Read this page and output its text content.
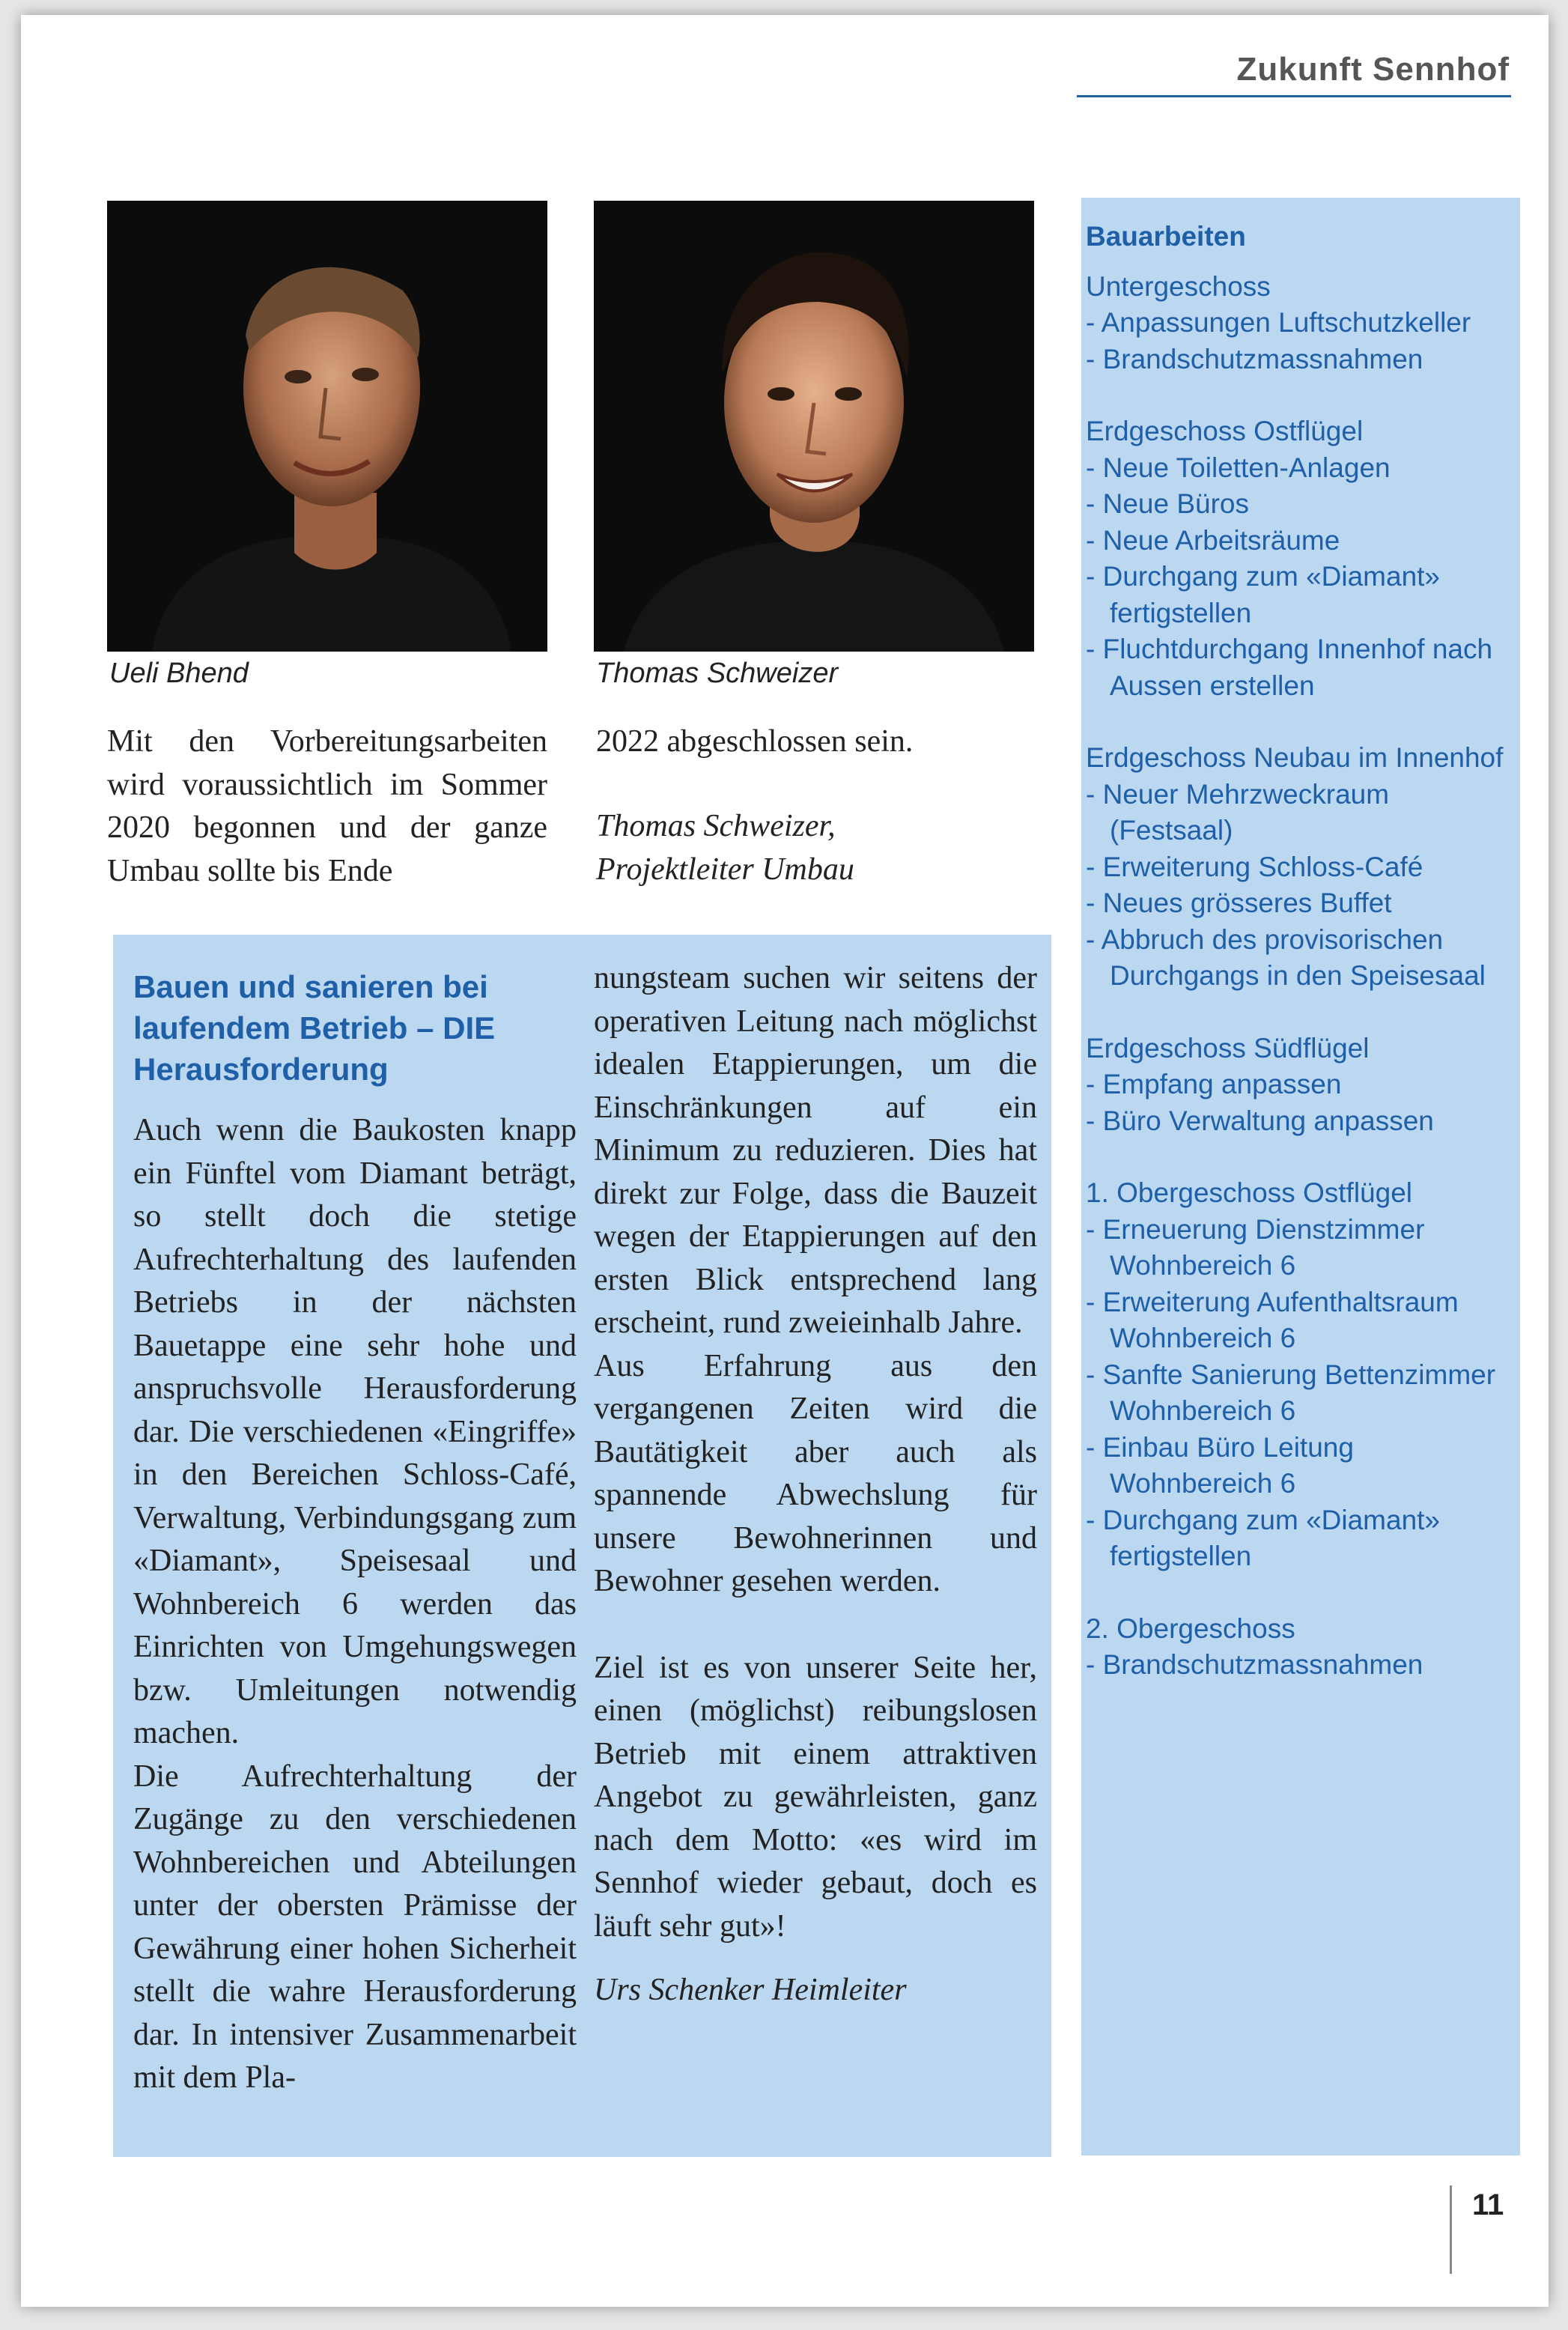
Zukunft Sennhof
Ueli Bhend	Thomas Schweizer

Mit den Vorbereitungsarbeiten wird voraussichtlich im Sommer 2020 begonnen und der ganze Umbau sollte bis Ende

2022 abgeschlossen sein.

Thomas Schweizer,
Projektleiter Umbau

Bauen und sanieren bei laufendem Betrieb – DIE Herausforderung

Auch wenn die Baukosten knapp ein Fünftel vom Diamant beträgt, so stellt doch die stetige Aufrechterhaltung des laufenden Betriebs in der nächsten Bauetappe eine sehr hohe und anspruchsvolle Herausforderung dar. Die verschiedenen «Eingriffe» in den Bereichen Schloss-Café, Verwaltung, Verbindungsgang zum «Diamant», Speisesaal und Wohnbereich 6 werden das Einrichten von Umgehungswegen bzw. Umleitungen notwendig machen.

Die Aufrechterhaltung der Zugänge zu den verschiedenen Wohnbereichen und Abteilungen unter der obersten Prämisse der Gewährung einer hohen Sicherheit stellt die wahre Herausforderung dar. In intensiver Zusammenarbeit mit dem Pla-

nungsteam suchen wir seitens der operativen Leitung nach möglichst idealen Etappierungen, um die Einschränkungen auf ein Minimum zu reduzieren. Dies hat direkt zur Folge, dass die Bauzeit wegen der Etappierungen auf den ersten Blick entsprechend lang erscheint, rund zweieinhalb Jahre.

Aus Erfahrung aus den vergangenen Zeiten wird die Bautätigkeit aber auch als spannende Abwechslung für unsere Bewohnerinnen und Bewohner gesehen werden.

Ziel ist es von unserer Seite her, einen (möglichst) reibungslosen Betrieb mit einem attraktiven Angebot zu gewährleisten, ganz nach dem Motto: «es wird im Sennhof wieder gebaut, doch es läuft sehr gut»!

Urs Schenker Heimleiter

Bauarbeiten
Untergeschoss
- Anpassungen Luftschutzkeller
- Brandschutzmassnahmen
Erdgeschoss Ostflügel
- Neue Toiletten-Anlagen
- Neue Büros
- Neue Arbeitsräume
- Durchgang zum «Diamant» fertigstellen
- Fluchtdurchgang Innenhof nach Aussen erstellen
Erdgeschoss Neubau im Innenhof
- Neuer Mehrzweckraum (Festsaal)
- Erweiterung Schloss-Café
- Neues grösseres Buffet
- Abbruch des provisorischen Durchgangs in den Speisesaal
Erdgeschoss Südflügel
- Empfang anpassen
- Büro Verwaltung anpassen
1. Obergeschoss Ostflügel
- Erneuerung Dienstzimmer Wohnbereich 6
- Erweiterung Aufenthaltsraum Wohnbereich 6
- Sanfte Sanierung Bettenzimmer Wohnbereich 6
- Einbau Büro Leitung Wohnbereich 6
- Durchgang zum «Diamant» fertigstellen
2. Obergeschoss
- Brandschutzmassnahmen
11
